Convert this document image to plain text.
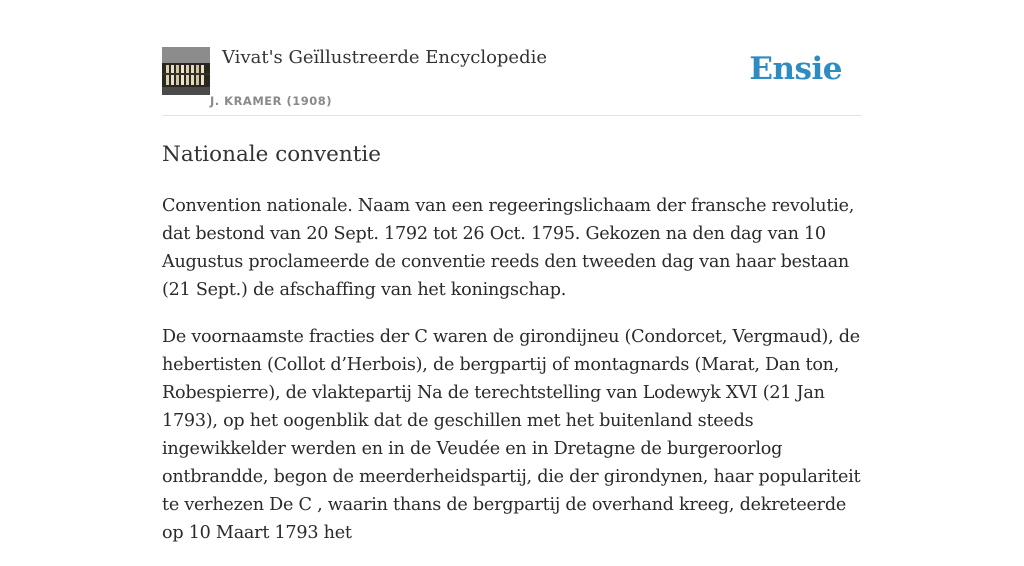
Vivat's Geïllustreerde Encyclopedie
J. KRAMER (1908)
Ensie
Nationale conventie

Convention nationale. Naam van een regeeringslichaam der fransche revolutie, dat bestond van 20 Sept. 1792 tot 26 Oct. 1795. Gekozen na den dag van 10 Augustus proclameerde de conventie reeds den tweeden dag van haar bestaan (21 Sept.) de afschaffing van het koningschap.

De voornaamste fracties der C waren de girondijneu (Condorcet, Vergmaud), de hebertisten (Collot d’Herbois), de bergpartij of montagnards (Marat, Dan ton, Robespierre), de vlaktepartij Na de terechtstelling van Lodewyk XVI (21 Jan 1793), op het oogenblik dat de geschillen met het buitenland steeds ingewikkelder werden en in de Veudée en in Dretagne de burgeroorlog ontbrandde, begon de meerderheidspartij, die der girondynen, haar populariteit te verhezen De C , waarin thans de bergpartij de overhand kreeg, dekreteerde op 10 Maart 1793 het
